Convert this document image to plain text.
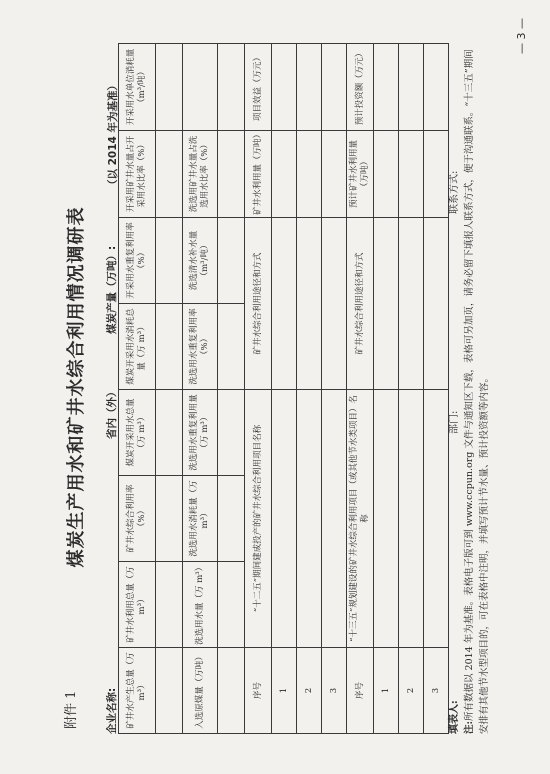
附件 1
煤炭生产用水和矿井水综合利用情况调研表
（以 2014 年为基准）
企业名称:
省内（外）
煤炭产量（万吨）:
矿井水产生总量（万 m³）	矿井水利用总量（万 m³）	矿井水综合利用率（%）	煤炭开采用水总量（万 m³）	煤炭开采用水消耗总量（万 m³）	开采用水重复利用率（%）	开采用矿井水量占开采用水比率（%）	开采用水单位消耗量（m³/吨）

入选原煤量（万吨）	洗选用水量（万 m³）	洗选用水消耗量（万 m³）	洗选用水重复利用量（万 m³）	洗选用水重复利用率（%）	洗选清水补水量（m³/吨）	洗选用矿井水量占洗选用水比率（%）	

序号	“十二五”期间建成投产的矿井水综合利用项目名称			矿井水综合利用途径和方式		矿井水利用量（万吨）	项目效益（万元）
1							
2							
3							
序号	“十三五”规划建设的矿井水综合利用项目（或其他节水类项目）名称			矿井水综合利用途径和方式		预计矿井水利用量（万吨）	预计投资额（万元）
1							
2							
3							
填表人:
部门:
联系方式:
注:所有数据以 2014 年为基准。表格电子版可到 www.ccpun.org 文件与通知区下载，表格可另加页，请务必留下填报人联系方式，便于沟通联系。“十三五”期间安排有其他节水型项目的，可在表格中注明，并填写预计节水量、预计投资额等内容。
— 3 —
